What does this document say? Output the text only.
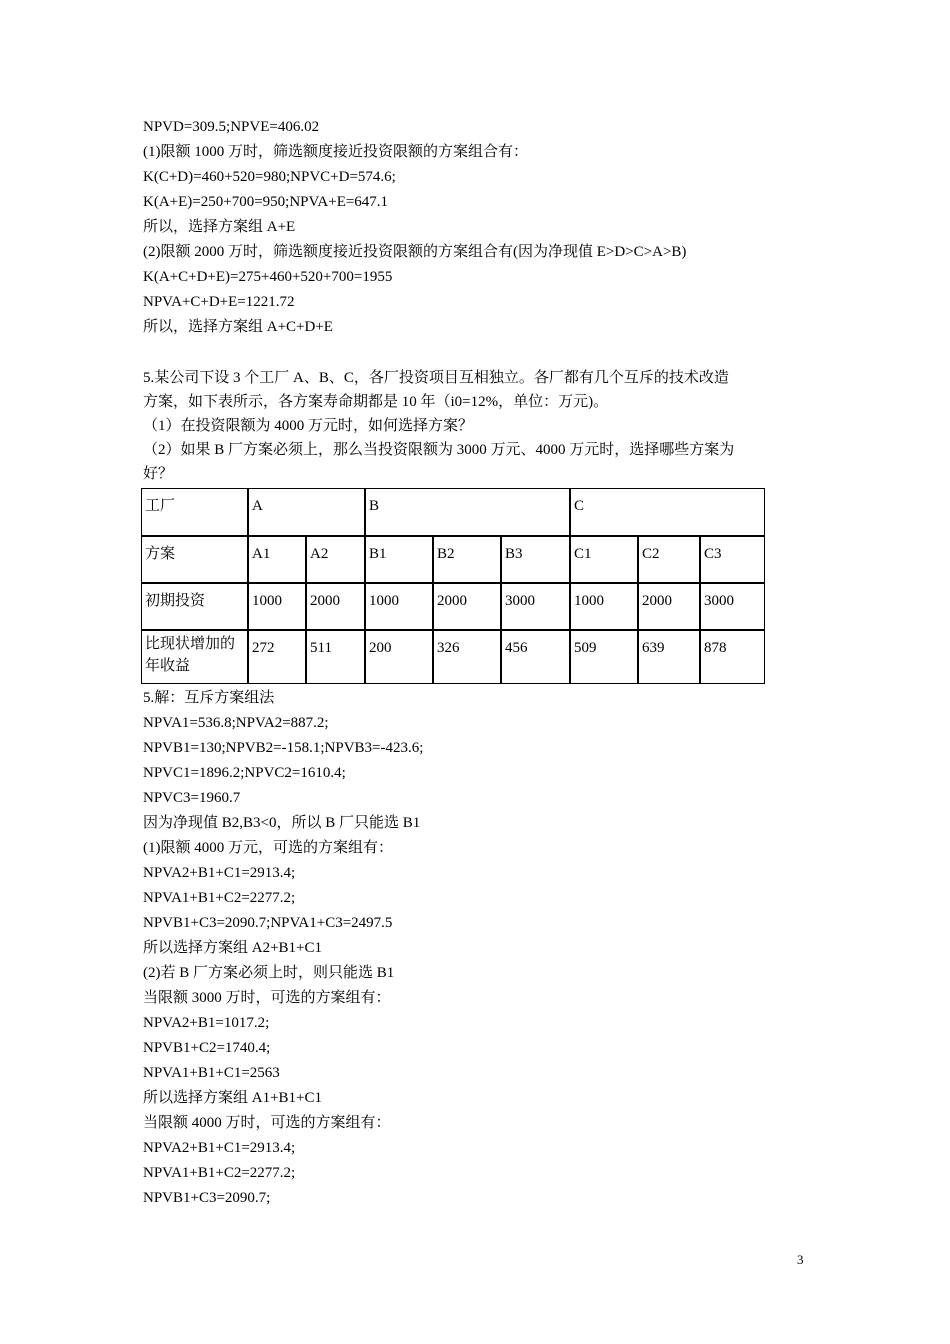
NPVD=309.5;NPVE=406.02
(1)限额 1000 万时，筛选额度接近投资限额的方案组合有：
K(C+D)=460+520=980;NPVC+D=574.6;
K(A+E)=250+700=950;NPVA+E=647.1
所以，选择方案组 A+E
(2)限额 2000 万时，筛选额度接近投资限额的方案组合有(因为净现值 E>D>C>A>B)
K(A+C+D+E)=275+460+520+700=1955
NPVA+C+D+E=1221.72
所以，选择方案组 A+C+D+E
5.某公司下设 3 个工厂 A、B、C，各厂投资项目互相独立。各厂都有几个互斥的技术改造
方案，如下表所示，各方案寿命期都是 10 年（i0=12%，单位：万元)。
（1）在投资限额为 4000 万元时，如何选择方案？
（2）如果 B 厂方案必须上，那么当投资限额为 3000 万元、4000 万元时，选择哪些方案为
好？
工厂	A		B			C		
方案	A1	A2	B1	B2	B3	C1	C2	C3
初期投资	1000	2000	1000	2000	3000	1000	2000	3000
比现状增加的年收益	272	511	200	326	456	509	639	878
5.解：互斥方案组法
NPVA1=536.8;NPVA2=887.2;
NPVB1=130;NPVB2=-158.1;NPVB3=-423.6;
NPVC1=1896.2;NPVC2=1610.4;
NPVC3=1960.7
因为净现值 B2,B3<0，所以 B 厂只能选 B1
(1)限额 4000 万元，可选的方案组有：
NPVA2+B1+C1=2913.4;
NPVA1+B1+C2=2277.2;
NPVB1+C3=2090.7;NPVA1+C3=2497.5
所以选择方案组 A2+B1+C1
(2)若 B 厂方案必须上时，则只能选 B1
当限额 3000 万时，可选的方案组有：
NPVA2+B1=1017.2;
NPVB1+C2=1740.4;
NPVA1+B1+C1=2563
所以选择方案组 A1+B1+C1
当限额 4000 万时，可选的方案组有：
NPVA2+B1+C1=2913.4;
NPVA1+B1+C2=2277.2;
NPVB1+C3=2090.7;
3
